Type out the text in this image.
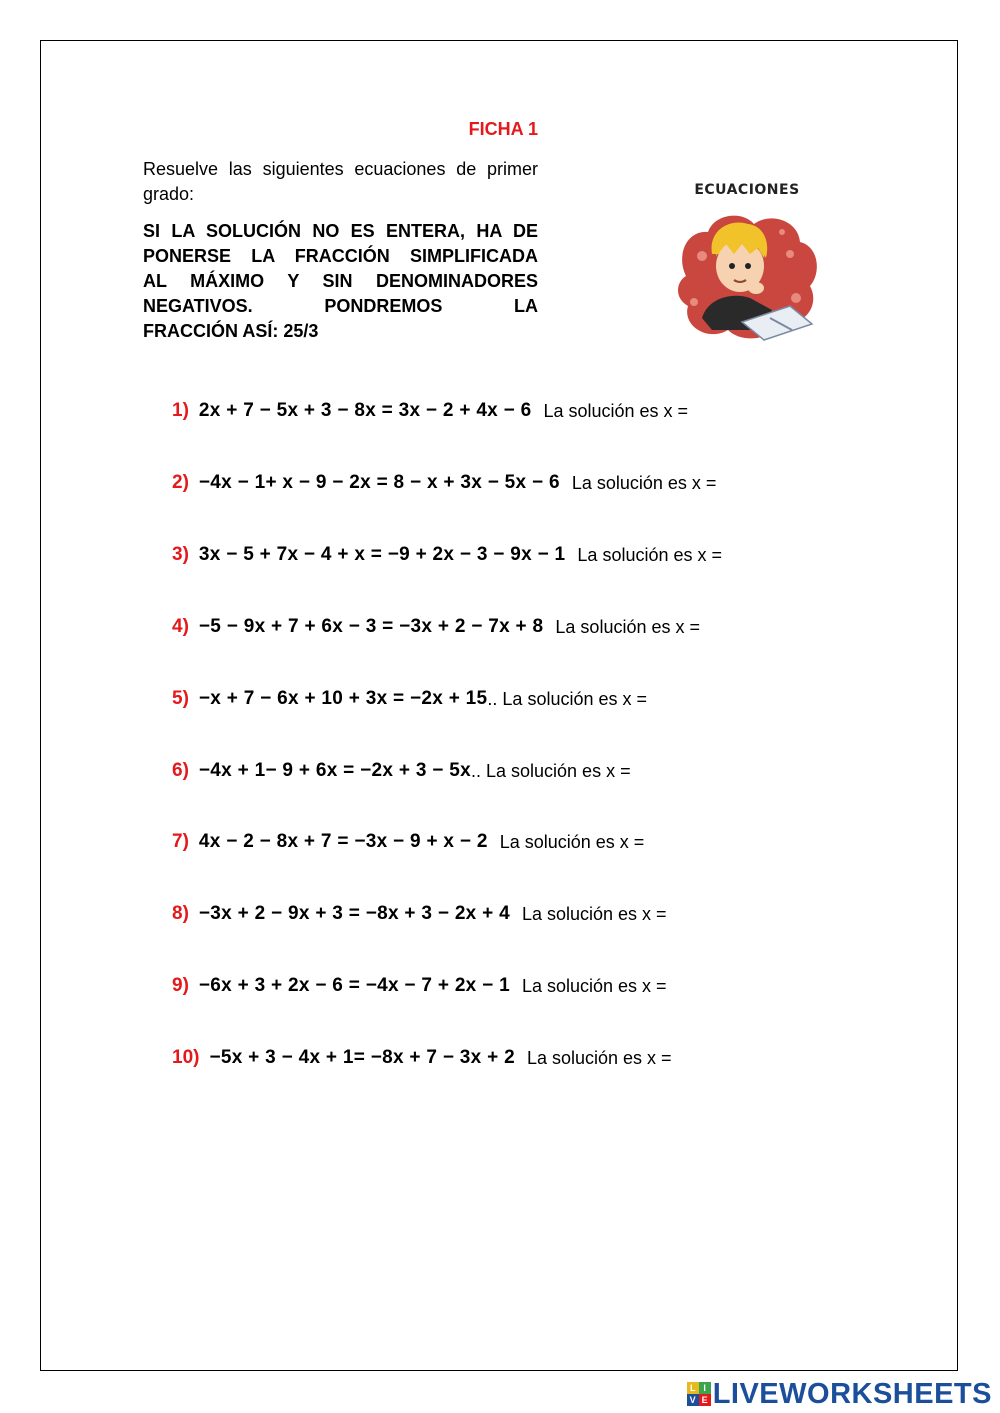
FICHA 1
Resuelve las siguientes ecuaciones de primer grado:
SI LA SOLUCIÓN NO ES ENTERA, HA DE
PONERSE LA FRACCIÓN SIMPLIFICADA
AL MÁXIMO Y SIN DENOMINADORES
NEGATIVOS. PONDREMOS LA
FRACCIÓN ASÍ: 25/3
ECUACIONES
1) 2x + 7 − 5x + 3 − 8x = 3x − 2 + 4x − 6 La solución es x =
2) −4x − 1+ x − 9 − 2x = 8 − x + 3x − 5x − 6 La solución es x =
3) 3x − 5 + 7x − 4 + x = −9 + 2x − 3 − 9x − 1 La solución es x =
4) −5 − 9x + 7 + 6x − 3 = −3x + 2 − 7x + 8 La solución es x =
5) −x + 7 − 6x + 10 + 3x = −2x + 15 .. La solución es x =
6) −4x + 1− 9 + 6x = −2x + 3 − 5x .. La solución es x =
7) 4x − 2 − 8x + 7 = −3x − 9 + x − 2 La solución es x =
8) −3x + 2 − 9x + 3 = −8x + 3 − 2x + 4 La solución es x =
9) −6x + 3 + 2x − 6 = −4x − 7 + 2x − 1 La solución es x =
10) −5x + 3 − 4x + 1= −8x + 7 − 3x + 2 La solución es x =
L I
V E LIVEWORKSHEETS
